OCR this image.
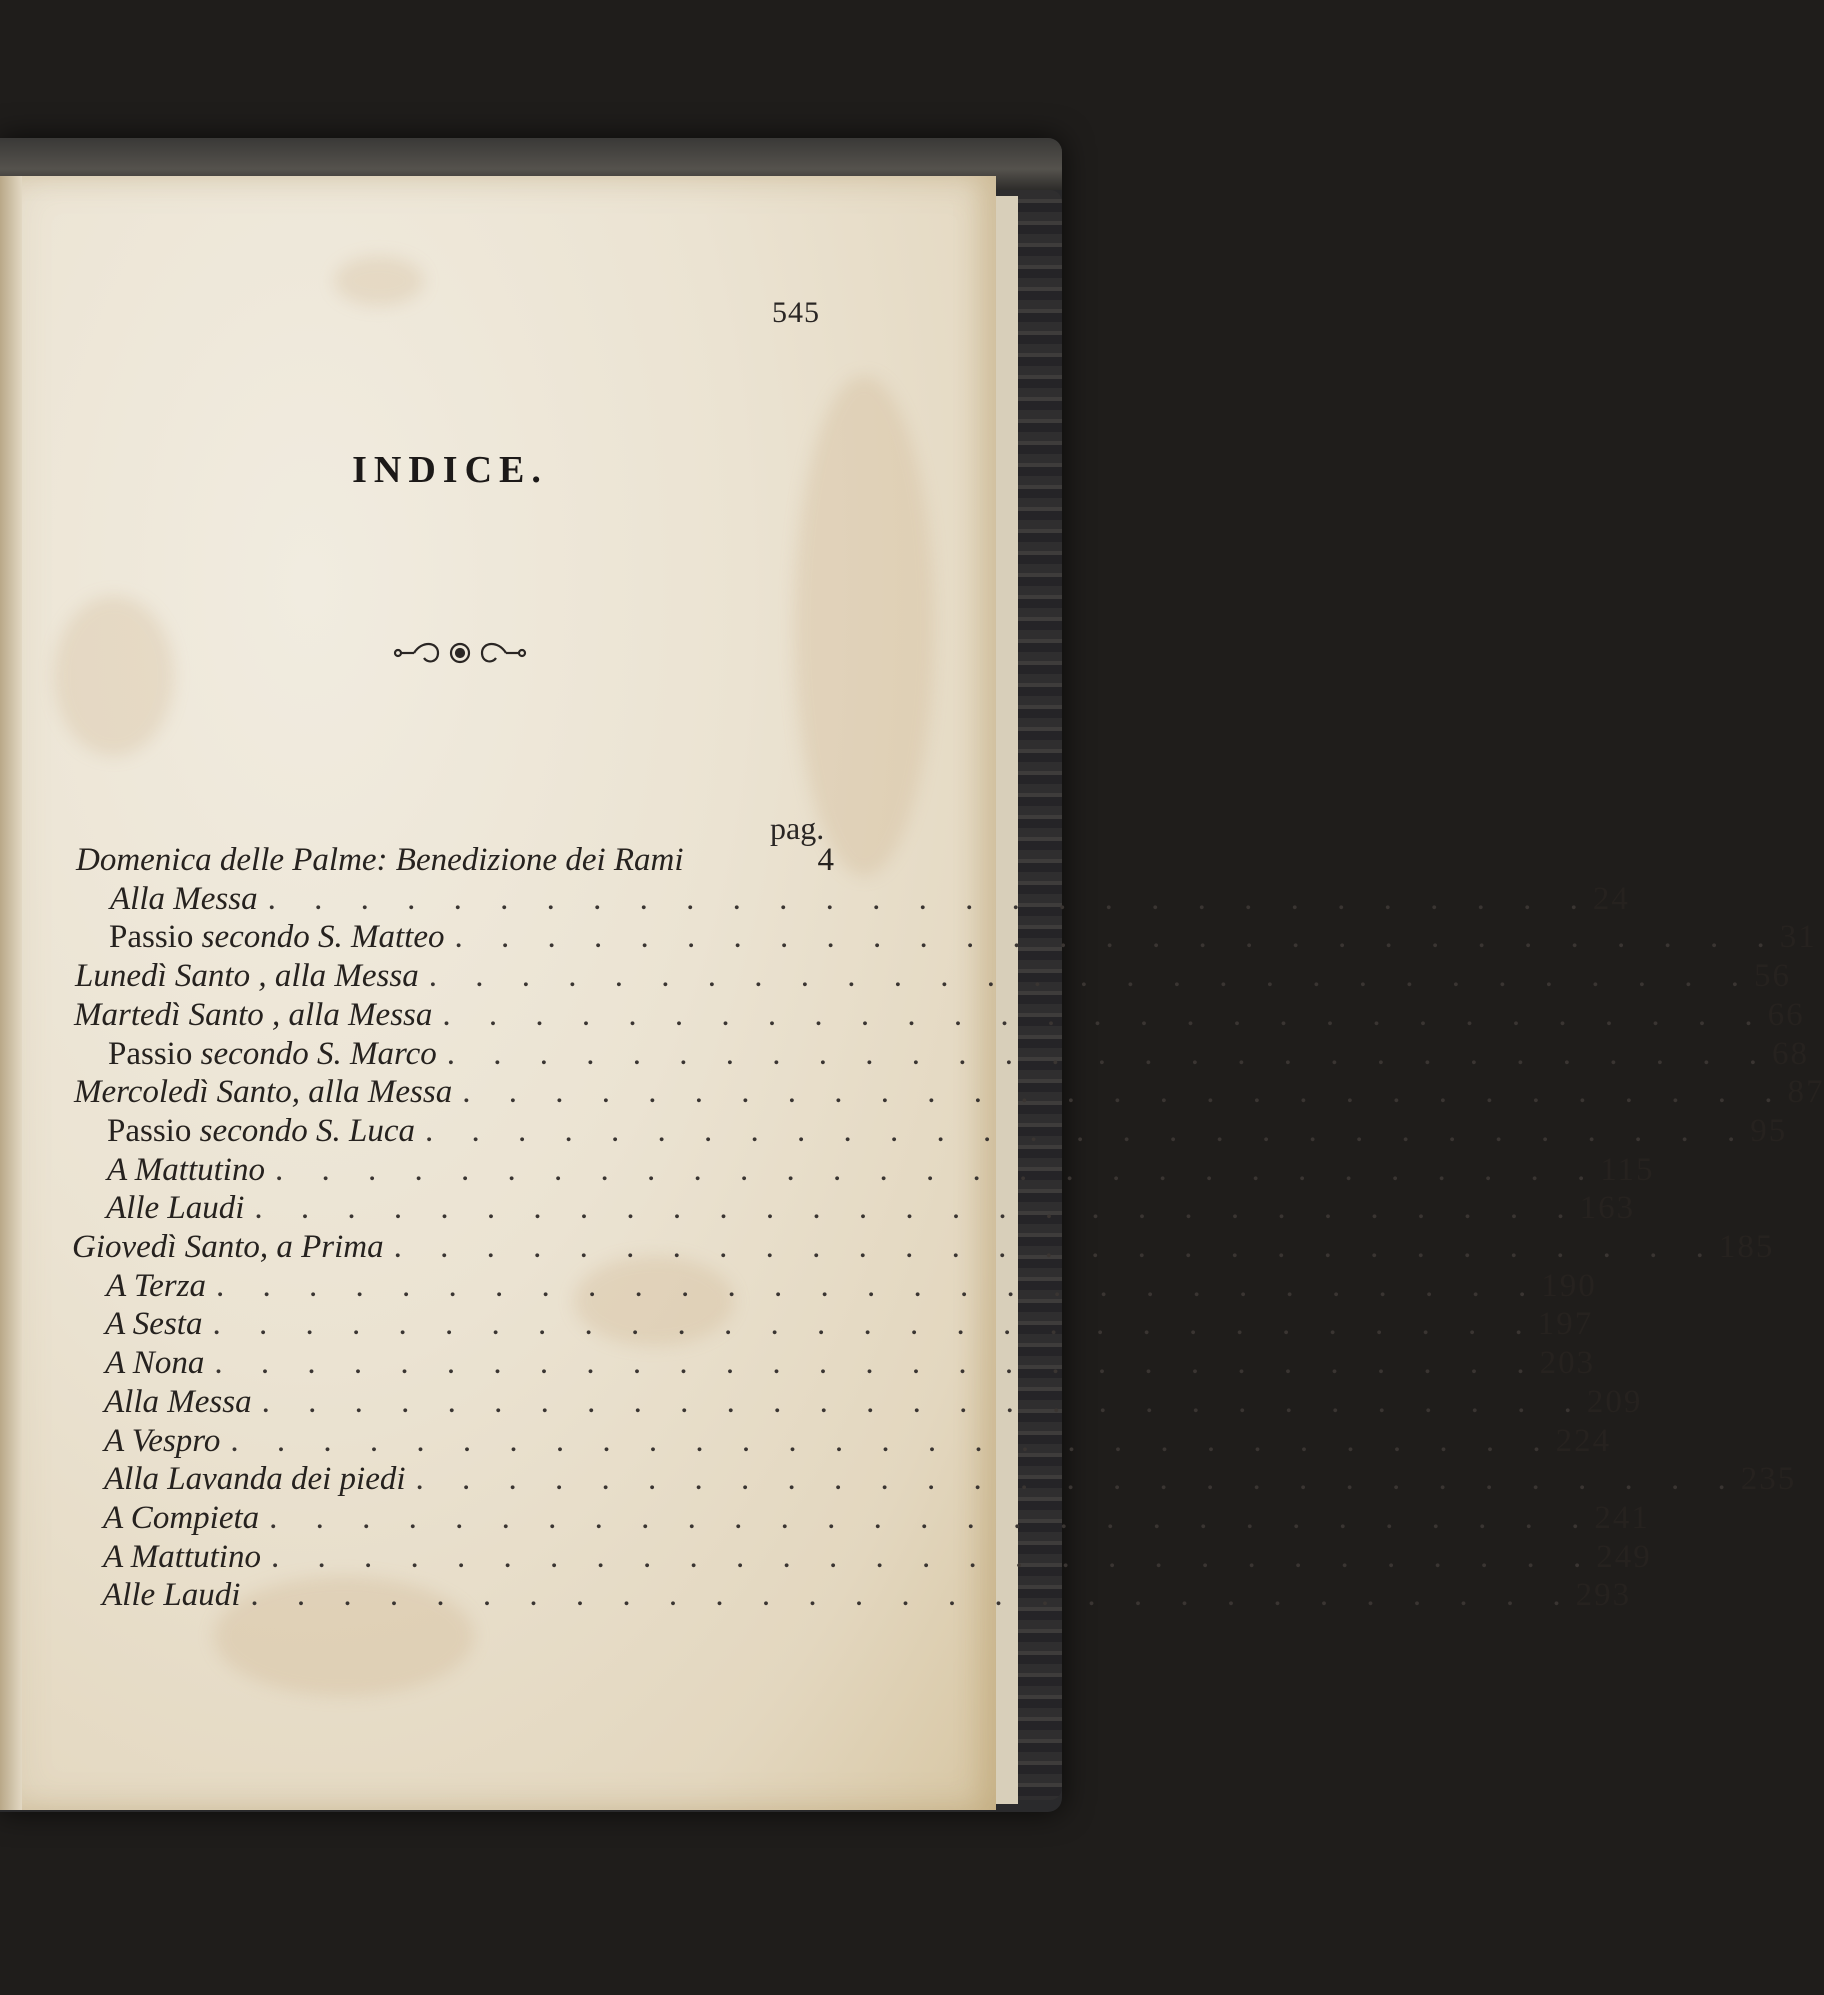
545
INDICE.
pag.
Domenica delle Palme: Benedizione dei Rami	4
Alla Messa . . . . . . . . . . . . . . . . . . . . . . . . . . . . . 24
Passio secondo S. Matteo . . . . . . . . . . . . . . . . . . . . . . . . . . . . . 31
Lunedì Santo , alla Messa . . . . . . . . . . . . . . . . . . . . . . . . . . . . . 56
Martedì Santo , alla Messa . . . . . . . . . . . . . . . . . . . . . . . . . . . . . 66
Passio secondo S. Marco . . . . . . . . . . . . . . . . . . . . . . . . . . . . . 68
Mercoledì Santo, alla Messa . . . . . . . . . . . . . . . . . . . . . . . . . . . . . 87
Passio secondo S. Luca . . . . . . . . . . . . . . . . . . . . . . . . . . . . . 95
A Mattutino . . . . . . . . . . . . . . . . . . . . . . . . . . . . . 115
Alle Laudi . . . . . . . . . . . . . . . . . . . . . . . . . . . . . 163
Giovedì Santo, a Prima . . . . . . . . . . . . . . . . . . . . . . . . . . . . . 185
A Terza . . . . . . . . . . . . . . . . . . . . . . . . . . . . . 190
A Sesta . . . . . . . . . . . . . . . . . . . . . . . . . . . . . 197
A Nona . . . . . . . . . . . . . . . . . . . . . . . . . . . . . 203
Alla Messa . . . . . . . . . . . . . . . . . . . . . . . . . . . . . 209
A Vespro . . . . . . . . . . . . . . . . . . . . . . . . . . . . . 224
Alla Lavanda dei piedi . . . . . . . . . . . . . . . . . . . . . . . . . . . . . 235
A Compieta . . . . . . . . . . . . . . . . . . . . . . . . . . . . . 241
A Mattutino . . . . . . . . . . . . . . . . . . . . . . . . . . . . . 249
Alle Laudi . . . . . . . . . . . . . . . . . . . . . . . . . . . . . 293
